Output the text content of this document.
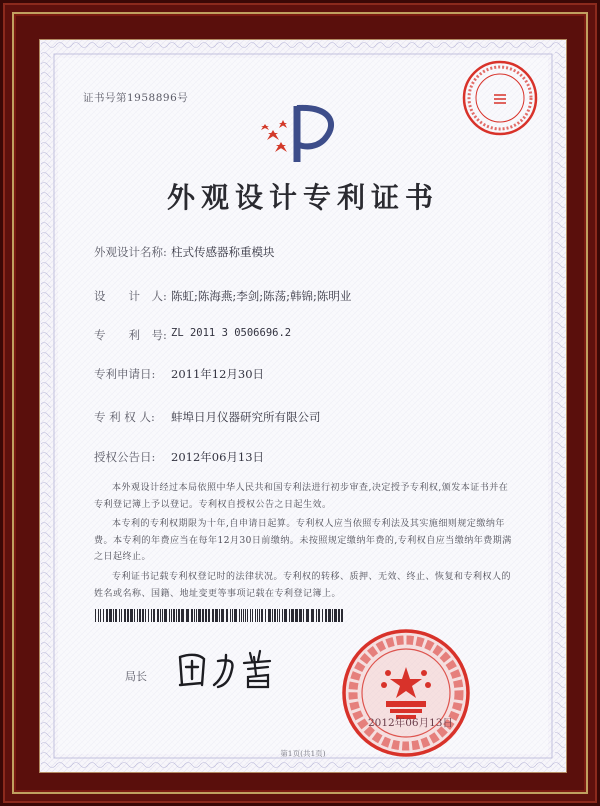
证书号第1958896号
外观设计专利证书
外观设计名称: 柱式传感器称重模块
设　　计　人: 陈虹;陈海燕;李剑;陈荡;韩锦;陈明业
专　　利　号: ZL 2011 3 0506696.2
专利申请日: 2011年12月30日
专 利 权 人: 蚌埠日月仪器研究所有限公司
授权公告日: 2012年06月13日
本外观设计经过本局依照中华人民共和国专利法进行初步审查,决定授予专利权,颁发本证书并在专利登记簿上予以登记。专利权自授权公告之日起生效。
本专利的专利权期限为十年,自申请日起算。专利权人应当依照专利法及其实施细则规定缴纳年费。本专利的年费应当在每年12月30日前缴纳。未按照规定缴纳年费的,专利权自应当缴纳年费期满之日起终止。
专利证书记载专利权登记时的法律状况。专利权的转移、质押、无效、终止、恢复和专利权人的姓名或名称、国籍、地址变更等事项记载在专利登记簿上。
局长
2012年06月13日
第1页(共1页)
